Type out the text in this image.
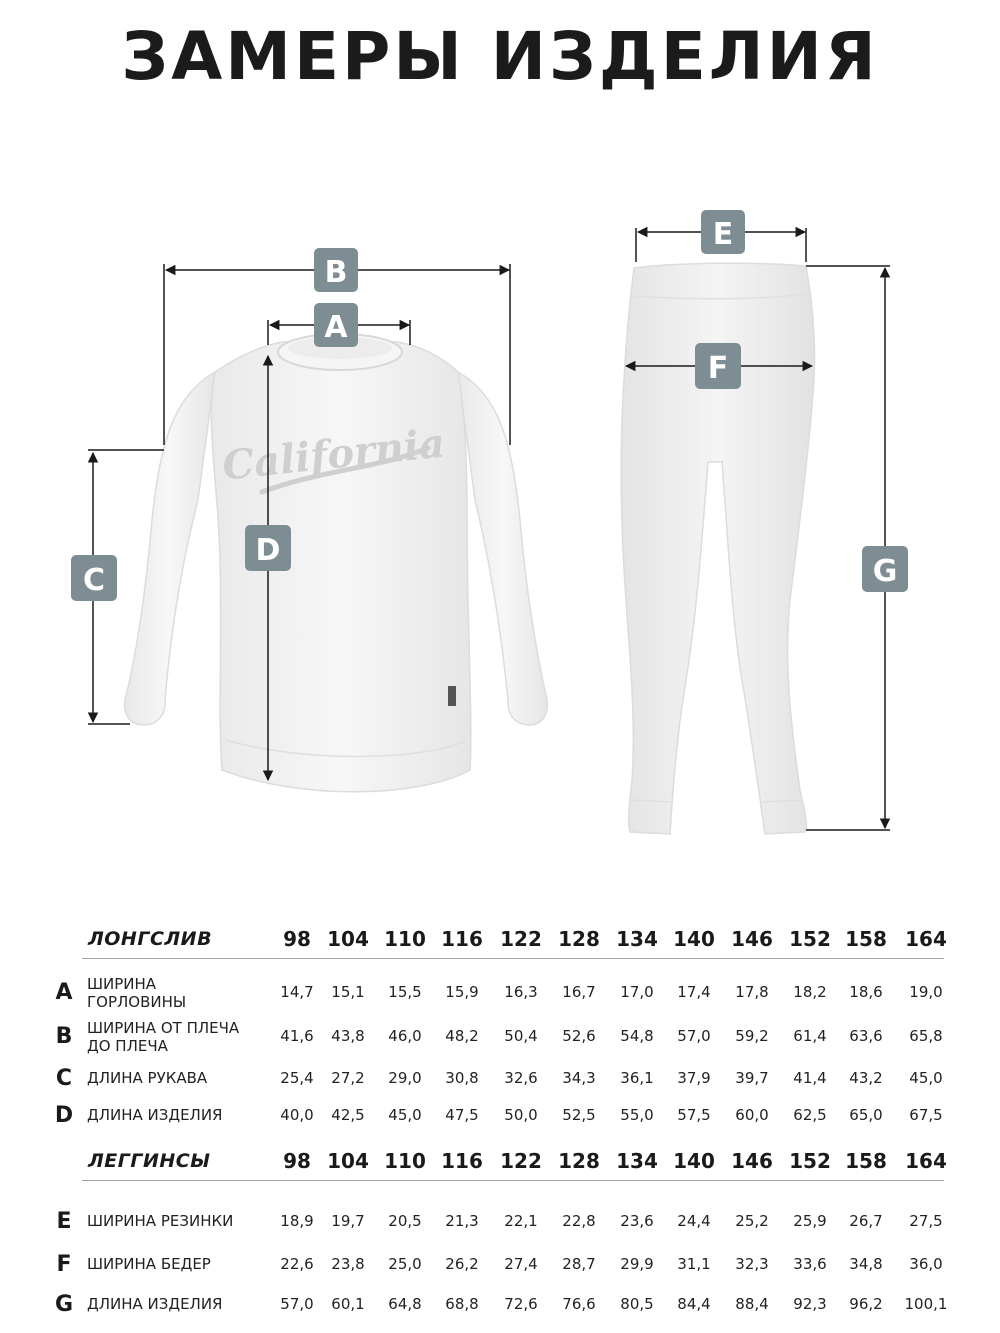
ЗАМЕРЫ ИЗДЕЛИЯ
California
B
A
C
D
E
F
G
ЛОНГСЛИВ	98 104 110 116 122 128 134 140 146 152 158 164
A ШИРИНА
ГОРЛОВИНЫ
14,7	15,1	15,5	15,9	16,3	16,7	17,0	17,4	17,8	18,2	18,6	19,0
B ШИРИНА ОТ ПЛЕЧА
ДО ПЛЕЧА
41,6	43,8	46,0	48,2	50,4	52,6	54,8	57,0	59,2	61,4	63,6	65,8
C ДЛИНА РУКАВА	25,4	27,2	29,0	30,8	32,6	34,3	36,1	37,9	39,7	41,4	43,2	45,0
D ДЛИНА ИЗДЕЛИЯ	40,0	42,5	45,0	47,5	50,0	52,5	55,0	57,5	60,0	62,5	65,0	67,5
ЛЕГГИНСЫ	98 104 110 116 122 128 134 140 146 152 158 164
E	ШИРИНА РЕЗИНКИ	18,9	19,7	20,5	21,3	22,1	22,8	23,6	24,4	25,2	25,9	26,7	27,5
F	ШИРИНА БЕДЕР	22,6	23,8	25,0	26,2	27,4	28,7	29,9	31,1	32,3	33,6	34,8	36,0
G ДЛИНА ИЗДЕЛИЯ	57,0	60,1	64,8	68,8	72,6	76,6	80,5	84,4	88,4	92,3	96,2	100,1
